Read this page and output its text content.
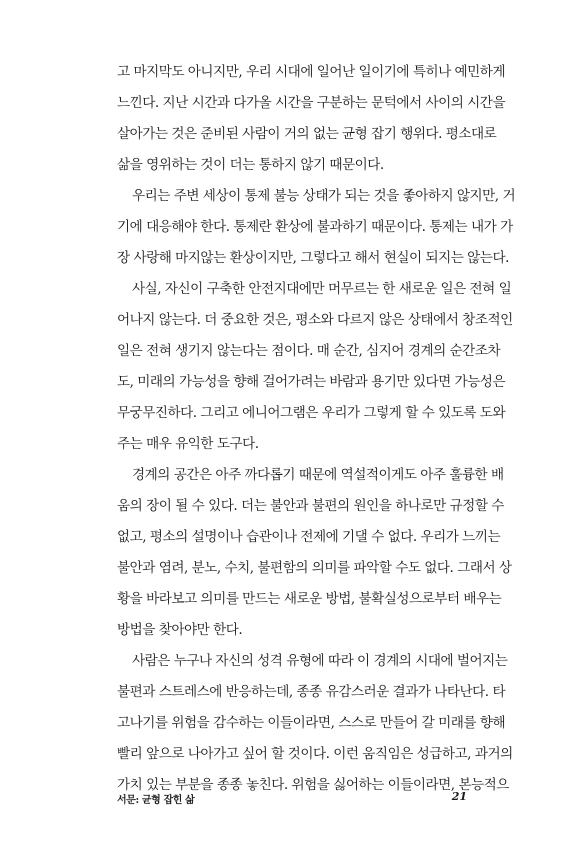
고 마지막도 아니지만, 우리 시대에 일어난 일이기에 특히나 예민하게
느낀다. 지난 시간과 다가올 시간을 구분하는 문턱에서 사이의 시간을
살아가는 것은 준비된 사람이 거의 없는 균형 잡기 행위다. 평소대로
삶을 영위하는 것이 더는 통하지 않기 때문이다.
우리는 주변 세상이 통제 불능 상태가 되는 것을 좋아하지 않지만, 거
기에 대응해야 한다. 통제란 환상에 불과하기 때문이다. 통제는 내가 가
장 사랑해 마지않는 환상이지만, 그렇다고 해서 현실이 되지는 않는다.
사실, 자신이 구축한 안전지대에만 머무르는 한 새로운 일은 전혀 일
어나지 않는다. 더 중요한 것은, 평소와 다르지 않은 상태에서 창조적인
일은 전혀 생기지 않는다는 점이다. 매 순간, 심지어 경계의 순간조차
도, 미래의 가능성을 향해 걸어가려는 바람과 용기만 있다면 가능성은
무궁무진하다. 그리고 에니어그램은 우리가 그렇게 할 수 있도록 도와
주는 매우 유익한 도구다.
경계의 공간은 아주 까다롭기 때문에 역설적이게도 아주 훌륭한 배
움의 장이 될 수 있다. 더는 불안과 불편의 원인을 하나로만 규정할 수
없고, 평소의 설명이나 습관이나 전제에 기댈 수 없다. 우리가 느끼는
불안과 염려, 분노, 수치, 불편함의 의미를 파악할 수도 없다. 그래서 상
황을 바라보고 의미를 만드는 새로운 방법, 불확실성으로부터 배우는
방법을 찾아야만 한다.
사람은 누구나 자신의 성격 유형에 따라 이 경계의 시대에 벌어지는
불편과 스트레스에 반응하는데, 종종 유감스러운 결과가 나타난다. 타
고나기를 위험을 감수하는 이들이라면, 스스로 만들어 갈 미래를 향해
빨리 앞으로 나아가고 싶어 할 것이다. 이런 움직임은 성급하고, 과거의
가치 있는 부분을 종종 놓친다. 위험을 싫어하는 이들이라면, 본능적으
서문: 균형 잡힌 삶	21
